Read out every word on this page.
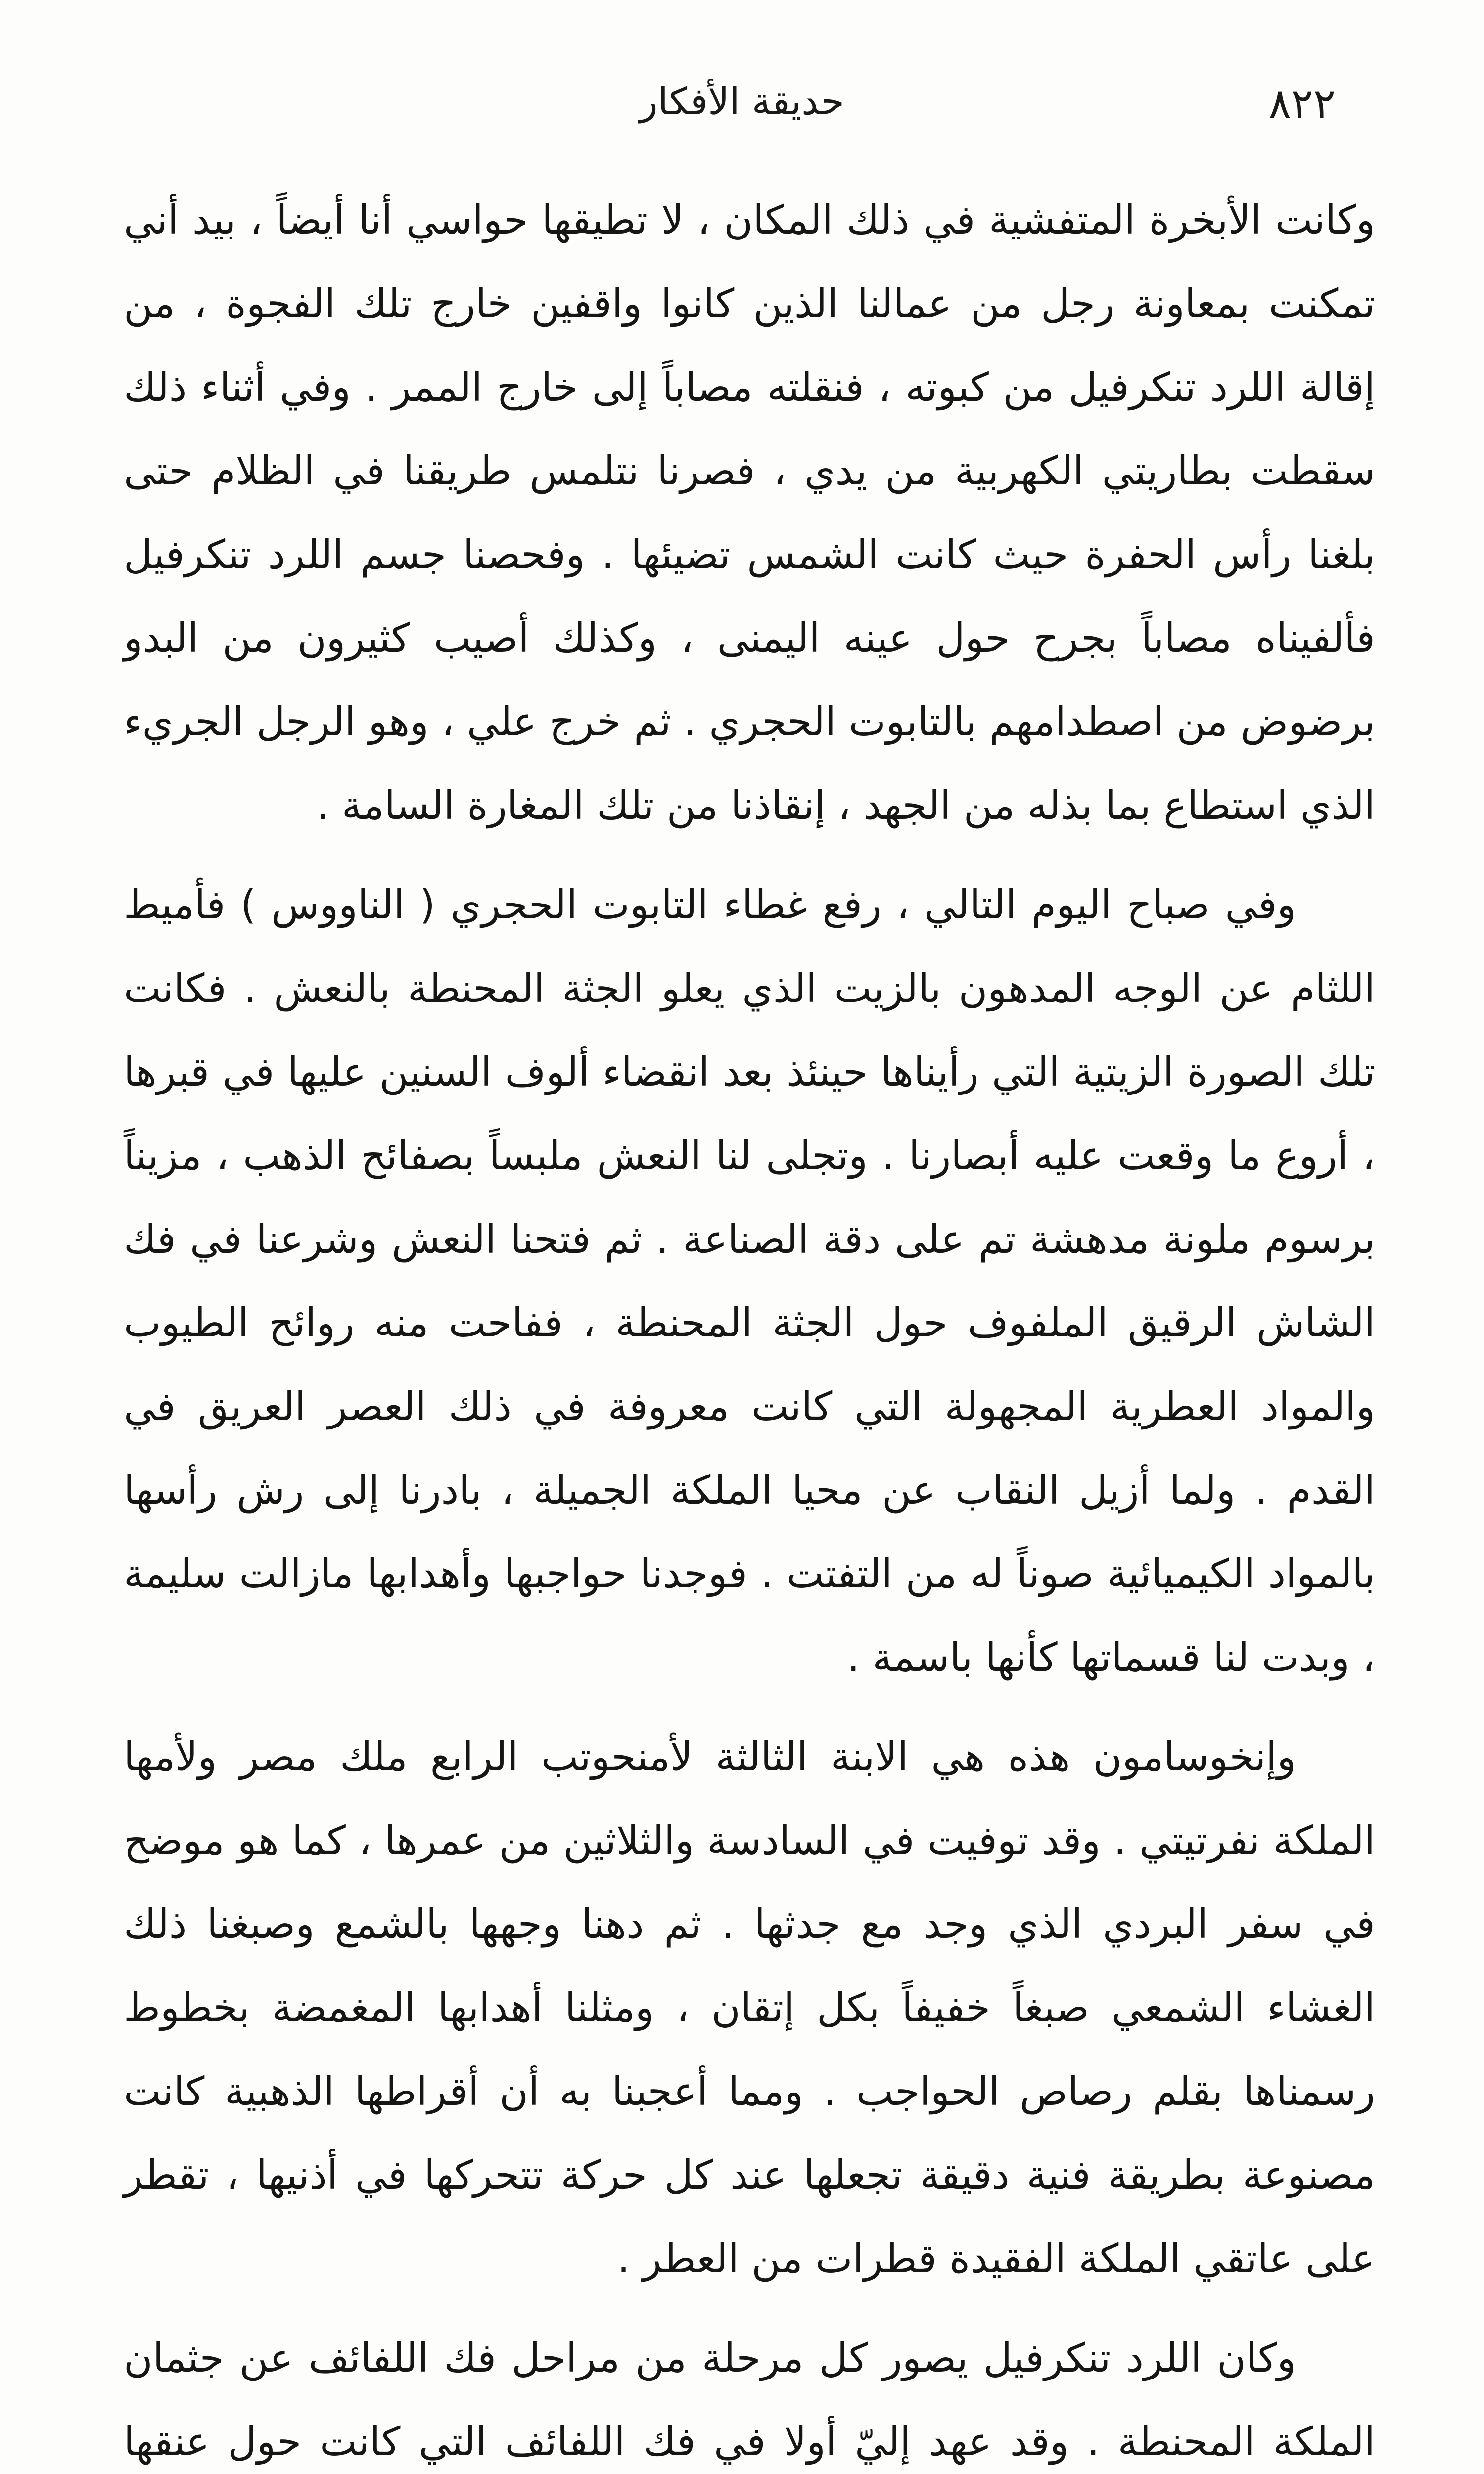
٨٢٢
حديقة الأفكار

وكانت الأبخرة المتفشية في ذلك المكان ، لا تطيقها حواسي أنا أيضاً ، بيد أني تمكنت بمعاونة رجل من عمالنا الذين كانوا واقفين خارج تلك الفجوة ، من إقالة اللرد تنكرفيل من كبوته ، فنقلته مصاباً إلى خارج الممر . وفي أثناء ذلك سقطت بطاريتي الكهربية من يدي ، فصرنا نتلمس طريقنا في الظلام حتى بلغنا رأس الحفرة حيث كانت الشمس تضيئها . وفحصنا جسم اللرد تنكرفيل فألفيناه مصاباً بجرح حول عينه اليمنى ، وكذلك أصيب كثيرون من البدو برضوض من اصطدامهم بالتابوت الحجري . ثم خرج علي ، وهو الرجل الجريء الذي استطاع بما بذله من الجهد ، إنقاذنا من تلك المغارة السامة .

وفي صباح اليوم التالي ، رفع غطاء التابوت الحجري ( الناووس ) فأميط اللثام عن الوجه المدهون بالزيت الذي يعلو الجثة المحنطة بالنعش . فكانت تلك الصورة الزيتية التي رأيناها حينئذ بعد انقضاء ألوف السنين عليها في قبرها ، أروع ما وقعت عليه أبصارنا . وتجلى لنا النعش ملبساً بصفائح الذهب ، مزيناً برسوم ملونة مدهشة تم على دقة الصناعة . ثم فتحنا النعش وشرعنا في فك الشاش الرقيق الملفوف حول الجثة المحنطة ، ففاحت منه روائح الطيوب والمواد العطرية المجهولة التي كانت معروفة في ذلك العصر العريق في القدم . ولما أزيل النقاب عن محيا الملكة الجميلة ، بادرنا إلى رش رأسها بالمواد الكيميائية صوناً له من التفتت . فوجدنا حواجبها وأهدابها مازالت سليمة ، وبدت لنا قسماتها كأنها باسمة .

وإنخوسامون هذه هي الابنة الثالثة لأمنحوتب الرابع ملك مصر ولأمها الملكة نفرتيتي . وقد توفيت في السادسة والثلاثين من عمرها ، كما هو موضح في سفر البردي الذي وجد مع جدثها . ثم دهنا وجهها بالشمع وصبغنا ذلك الغشاء الشمعي صبغاً خفيفاً بكل إتقان ، ومثلنا أهدابها المغمضة بخطوط رسمناها بقلم رصاص الحواجب . ومما أعجبنا به أن أقراطها الذهبية كانت مصنوعة بطريقة فنية دقيقة تجعلها عند كل حركة تتحركها في أذنيها ، تقطر على عاتقي الملكة الفقيدة قطرات من العطر .

وكان اللرد تنكرفيل يصور كل مرحلة من مراحل فك اللفائف عن جثمان الملكة المحنطة . وقد عهد إليّ أولا في فك اللفائف التي كانت حول عنقها
